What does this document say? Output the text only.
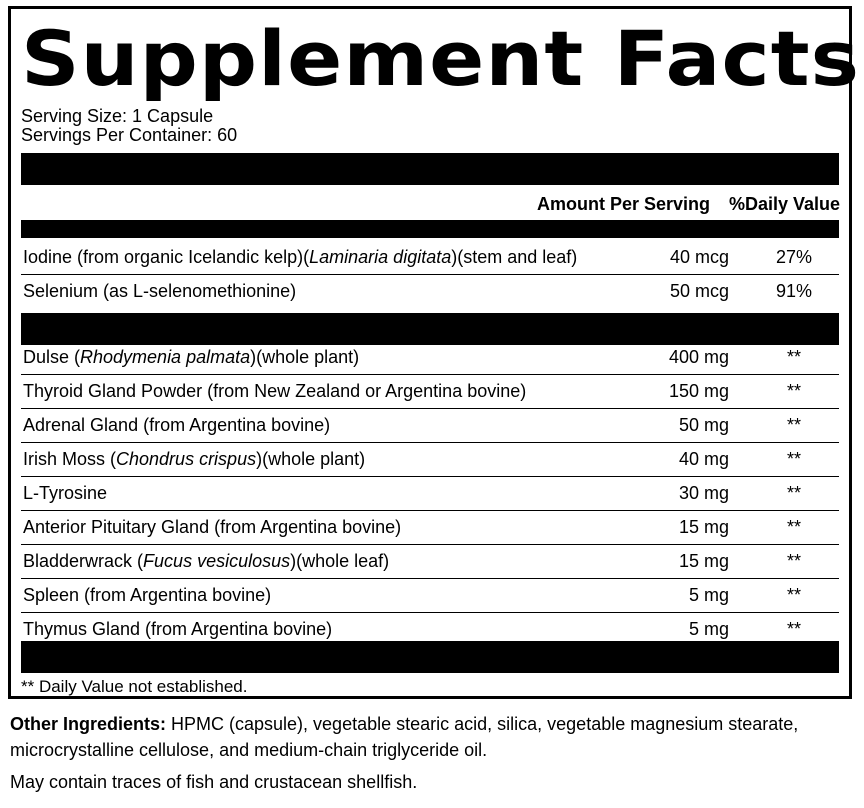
Supplement Facts
Serving Size: 1 Capsule
Servings Per Container: 60
Amount Per Serving %Daily Value
Iodine (from organic Icelandic kelp)(Laminaria digitata)(stem and leaf)	40 mcg	27%
Selenium (as L-selenomethionine)	50 mcg	91%
Dulse (Rhodymenia palmata)(whole plant)	400 mg	**
Thyroid Gland Powder (from New Zealand or Argentina bovine)	150 mg	**
Adrenal Gland (from Argentina bovine)	50 mg	**
Irish Moss (Chondrus crispus)(whole plant)	40 mg	**
L-Tyrosine	30 mg	**
Anterior Pituitary Gland (from Argentina bovine)	15 mg	**
Bladderwrack (Fucus vesiculosus)(whole leaf)	15 mg	**
Spleen (from Argentina bovine)	5 mg	**
Thymus Gland (from Argentina bovine)	5 mg	**
** Daily Value not established.
Other Ingredients: HPMC (capsule), vegetable stearic acid, silica, vegetable magnesium stearate, microcrystalline cellulose, and medium-chain triglyceride oil.
May contain traces of fish and crustacean shellfish.
